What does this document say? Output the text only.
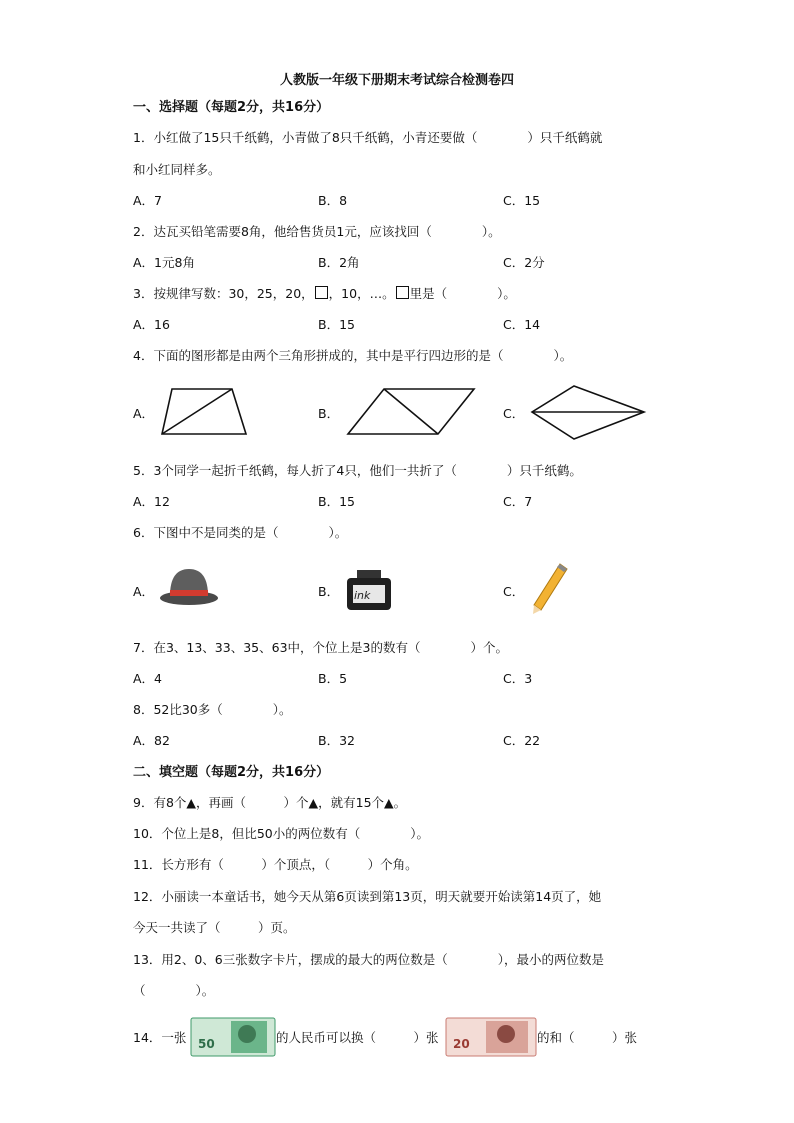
人教版一年级下册期末考试综合检测卷四
一、选择题（每题2分，共16分）
1．小红做了15只千纸鹤，小青做了8只千纸鹤，小青还要做（　　　　）只千纸鹤就
和小红同样多。
A．7	B．8	C．15
2．达瓦买铅笔需要8角，他给售货员1元，应该找回（　　　　）。
A．1元8角	B．2角	C．2分
3．按规律写数：30，25，20， ，10，…。 里是（　　　　）。
A．16	B．15	C．14
4．下面的图形都是由两个三角形拼成的，其中是平行四边形的是（　　　　）。
A．	B．	C．
5．3个同学一起折千纸鹤，每人折了4只，他们一共折了（　　　　）只千纸鹤。
A．12	B．15	C．7
6．下图中不是同类的是（　　　　）。
A．	B． ink	C．
7．在3、13、33、35、63中，个位上是3的数有（　　　　）个。
A．4	B．5	C．3
8．52比30多（　　　　）。
A．82	B．32	C．22
二、填空题（每题2分，共16分）
9．有8个▲，再画（　　　）个▲，就有15个▲。
10．个位上是8，但比50小的两位数有（　　　　）。
11．长方形有（　　　）个顶点，（　　　）个角。
12．小丽读一本童话书，她今天从第6页读到第13页，明天就要开始读第14页了，她
今天一共读了（　　　）页。
13．用2、0、6三张数字卡片，摆成的最大的两位数是（　　　　），最小的两位数是
（　　　　）。
14．一张 50	的人民币可以换（　　　）张 20	的和（　　　）张
